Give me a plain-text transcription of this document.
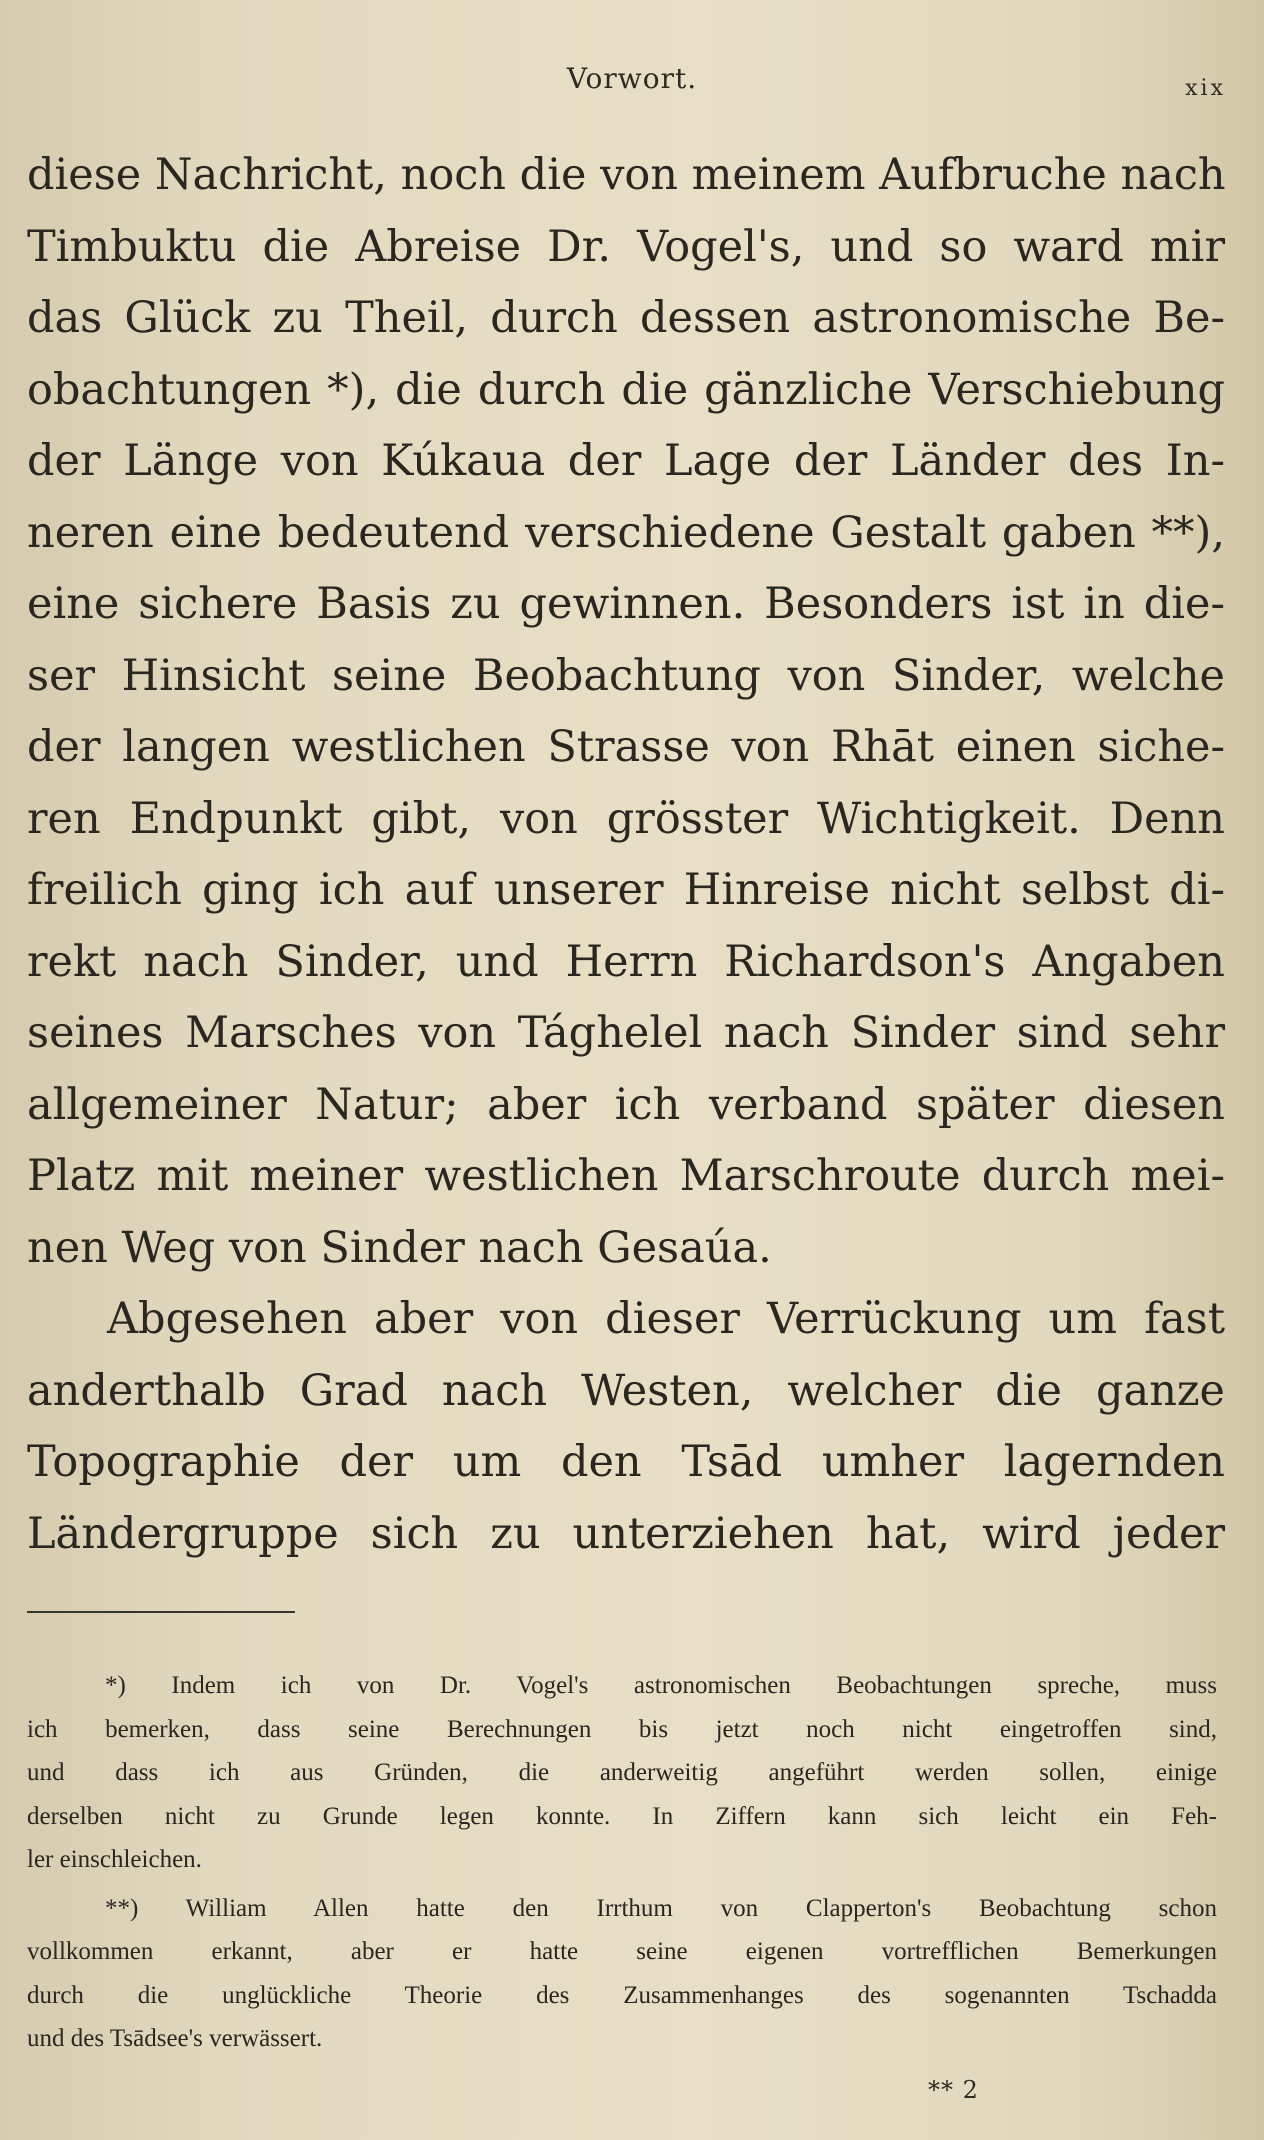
Vorwort.	xix
diese Nachricht, noch die von meinem Aufbruche nach
Timbuktu die Abreise Dr. Vogel's, und so ward mir
das Glück zu Theil, durch dessen astronomische Be-
obachtungen *), die durch die gänzliche Verschiebung
der Länge von Kúkaua der Lage der Länder des In-
neren eine bedeutend verschiedene Gestalt gaben **),
eine sichere Basis zu gewinnen. Besonders ist in die-
ser Hinsicht seine Beobachtung von Sinder, welche
der langen westlichen Strasse von Rhāt einen siche-
ren Endpunkt gibt, von grösster Wichtigkeit. Denn
freilich ging ich auf unserer Hinreise nicht selbst di-
rekt nach Sinder, und Herrn Richardson's Angaben
seines Marsches von Tághelel nach Sinder sind sehr
allgemeiner Natur; aber ich verband später diesen
Platz mit meiner westlichen Marschroute durch mei-
nen Weg von Sinder nach Gesaúa.
Abgesehen aber von dieser Verrückung um fast
anderthalb Grad nach Westen, welcher die ganze
Topographie der um den Tsād umher lagernden
Ländergruppe sich zu unterziehen hat, wird jeder
*) Indem ich von Dr. Vogel's astronomischen Beobachtungen spreche, muss
ich bemerken, dass seine Berechnungen bis jetzt noch nicht eingetroffen sind,
und dass ich aus Gründen, die anderweitig angeführt werden sollen, einige
derselben nicht zu Grunde legen konnte. In Ziffern kann sich leicht ein Feh-
ler einschleichen.
**) William Allen hatte den Irrthum von Clapperton's Beobachtung schon
vollkommen erkannt, aber er hatte seine eigenen vortrefflichen Bemerkungen
durch die unglückliche Theorie des Zusammenhanges des sogenannten Tschadda
und des Tsādsee's verwässert.
** 2
